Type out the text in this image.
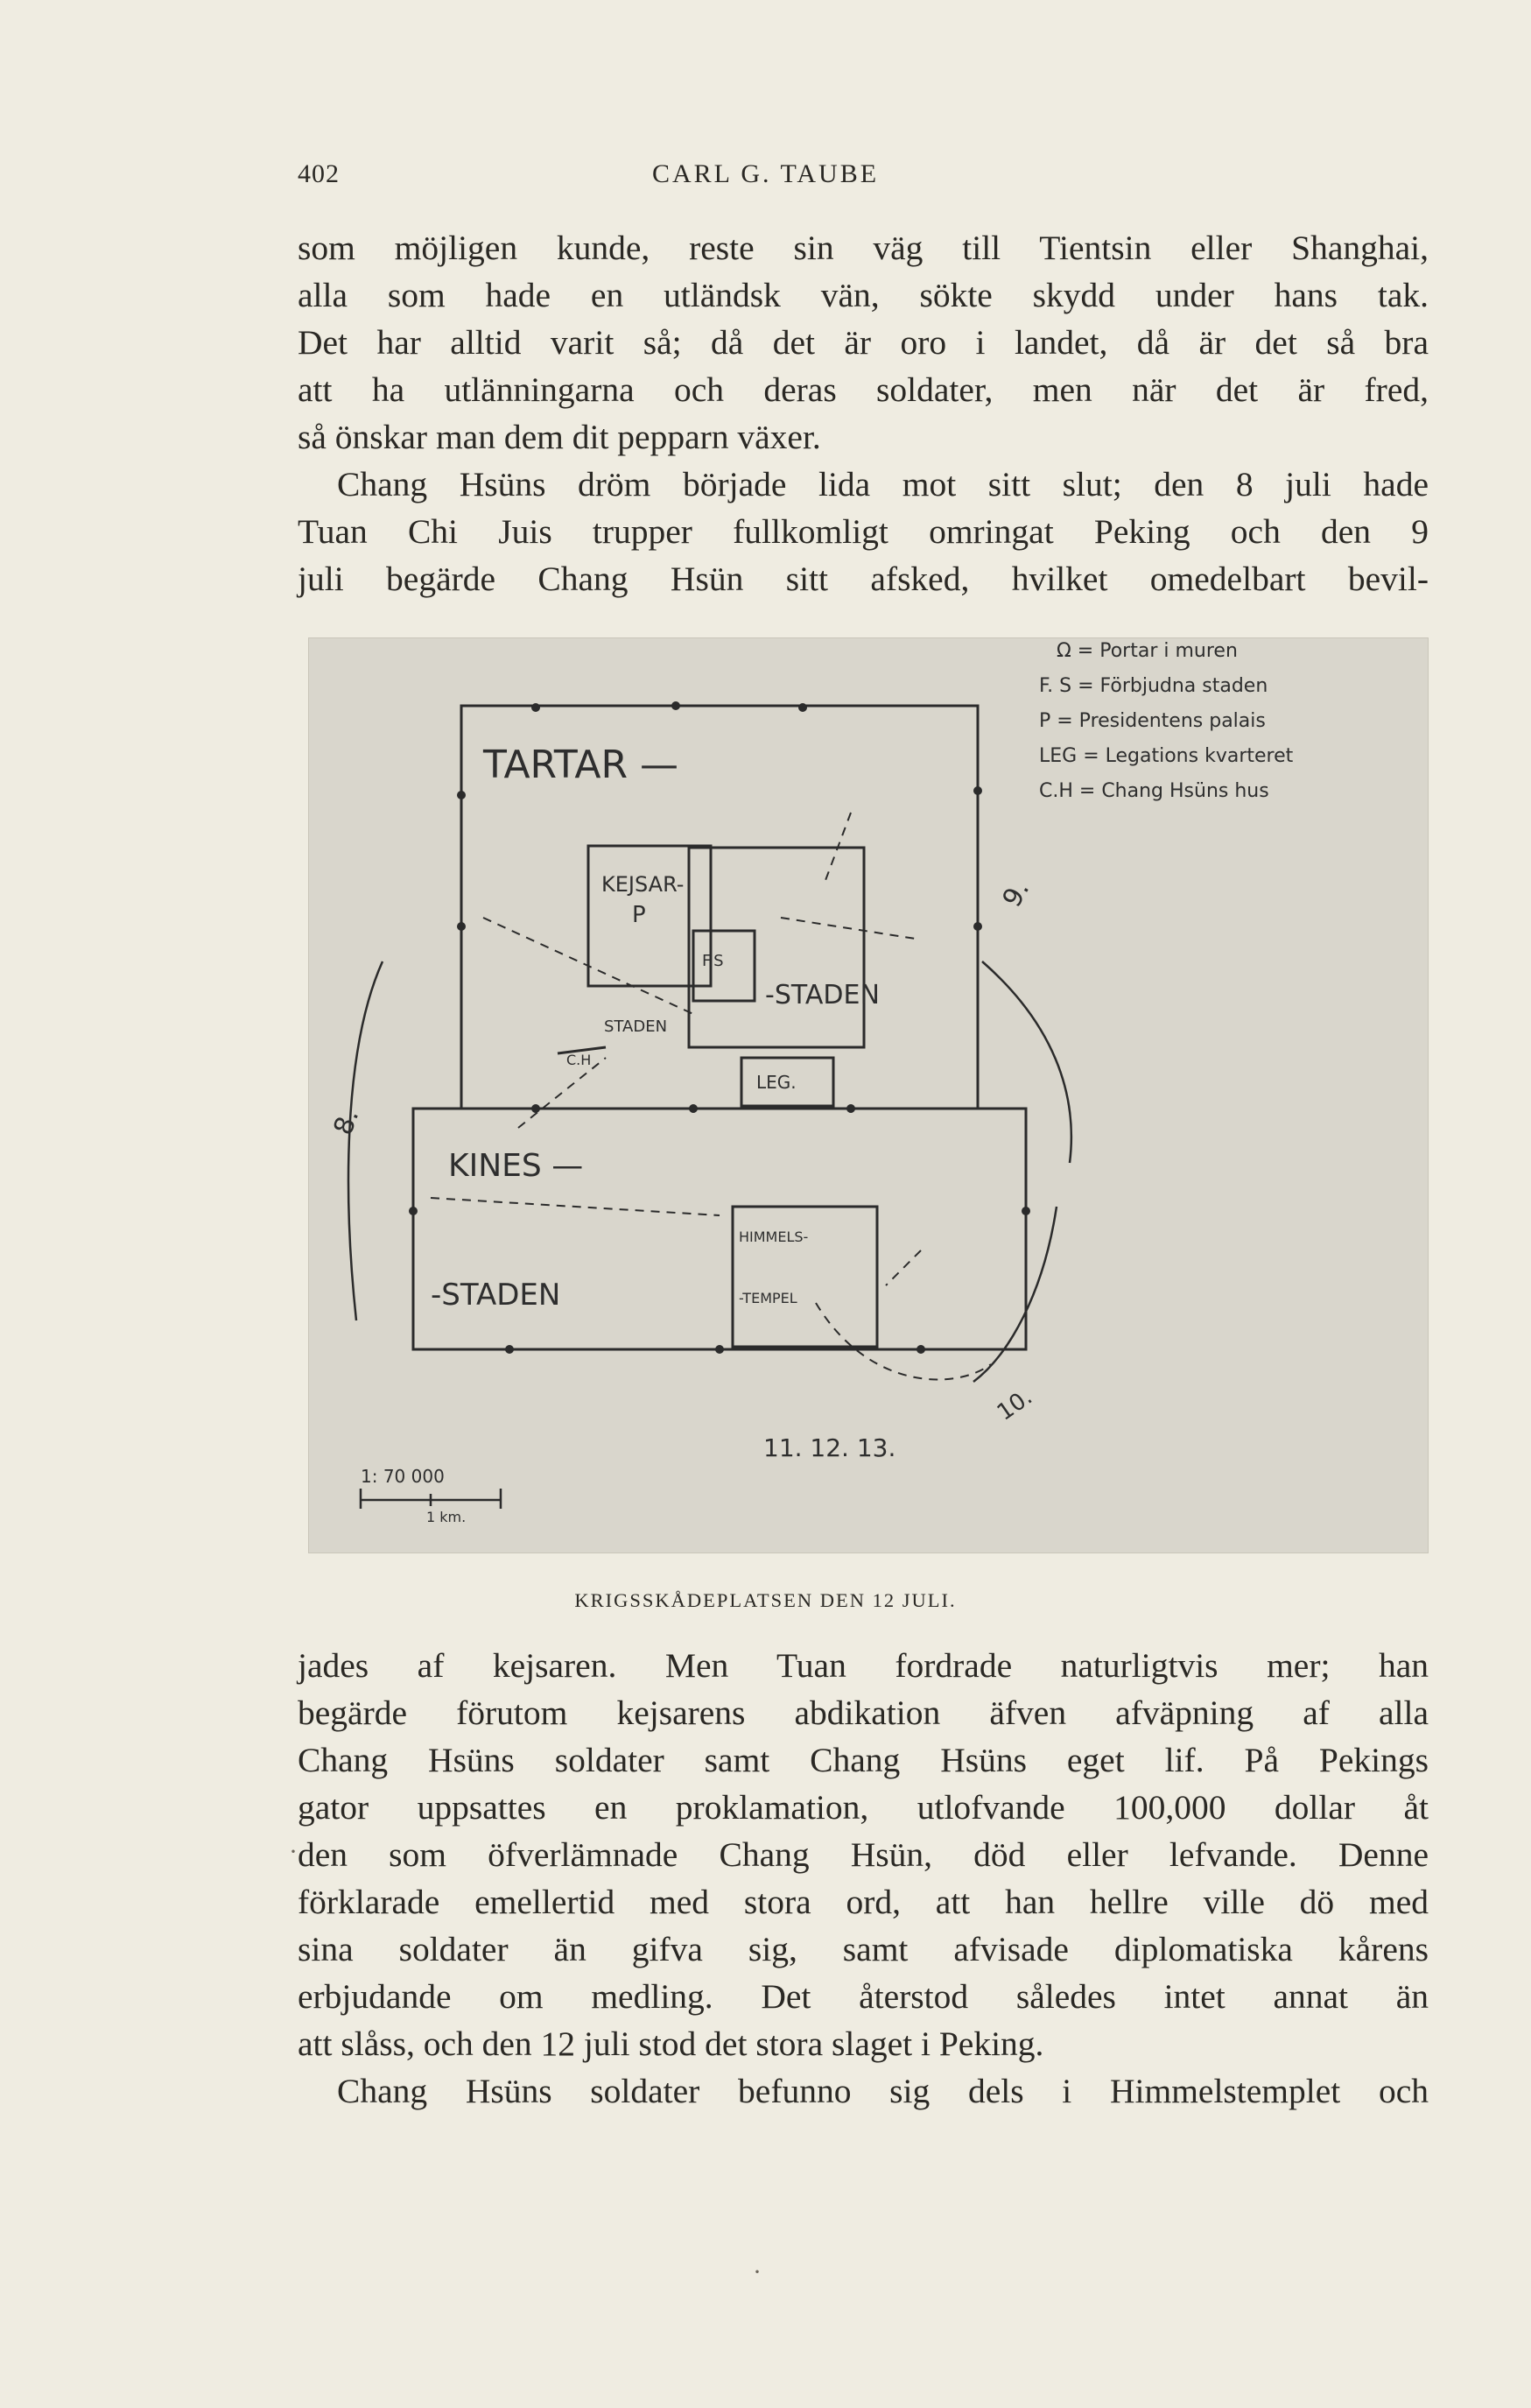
402	CARL G. TAUBE
som möjligen kunde, reste sin väg till Tientsin eller Shanghai,
alla som hade en utländsk vän, sökte skydd under hans tak.
Det har alltid varit så; då det är oro i landet, då är det så bra
att ha utlänningarna och deras soldater, men när det är fred,
så önskar man dem dit pepparn växer.
Chang Hsüns dröm började lida mot sitt slut; den 8 juli hade
Tuan Chi Juis trupper fullkomligt omringat Peking och den 9
juli begärde Chang Hsün sitt afsked, hvilket omedelbart bevil-
Ω = Portar i muren
F. S = Förbjudna staden
P = Presidentens palais
LEG = Legations kvarteret
C.H = Chang Hsüns hus
TARTAR —
KEJSAR-
P
F.S
-STADEN
STADEN
C.H
LEG.
KINES —
-STADEN
HIMMELS-
-TEMPEL
9.
8.
10.
11. 12. 13.
1: 70 000
1 km.
KRIGSSKÅDEPLATSEN DEN 12 JULI.
jades af kejsaren. Men Tuan fordrade naturligtvis mer; han
begärde förutom kejsarens abdikation äfven afväpning af alla
Chang Hsüns soldater samt Chang Hsüns eget lif. På Pekings
gator uppsattes en proklamation, utlofvande 100,000 dollar åt
den som öfverlämnade Chang Hsün, död eller lefvande. Denne
förklarade emellertid med stora ord, att han hellre ville dö med
sina soldater än gifva sig, samt afvisade diplomatiska kårens
erbjudande om medling. Det återstod således intet annat än
att slåss, och den 12 juli stod det stora slaget i Peking.
Chang Hsüns soldater befunno sig dels i Himmelstemplet och
·
·
